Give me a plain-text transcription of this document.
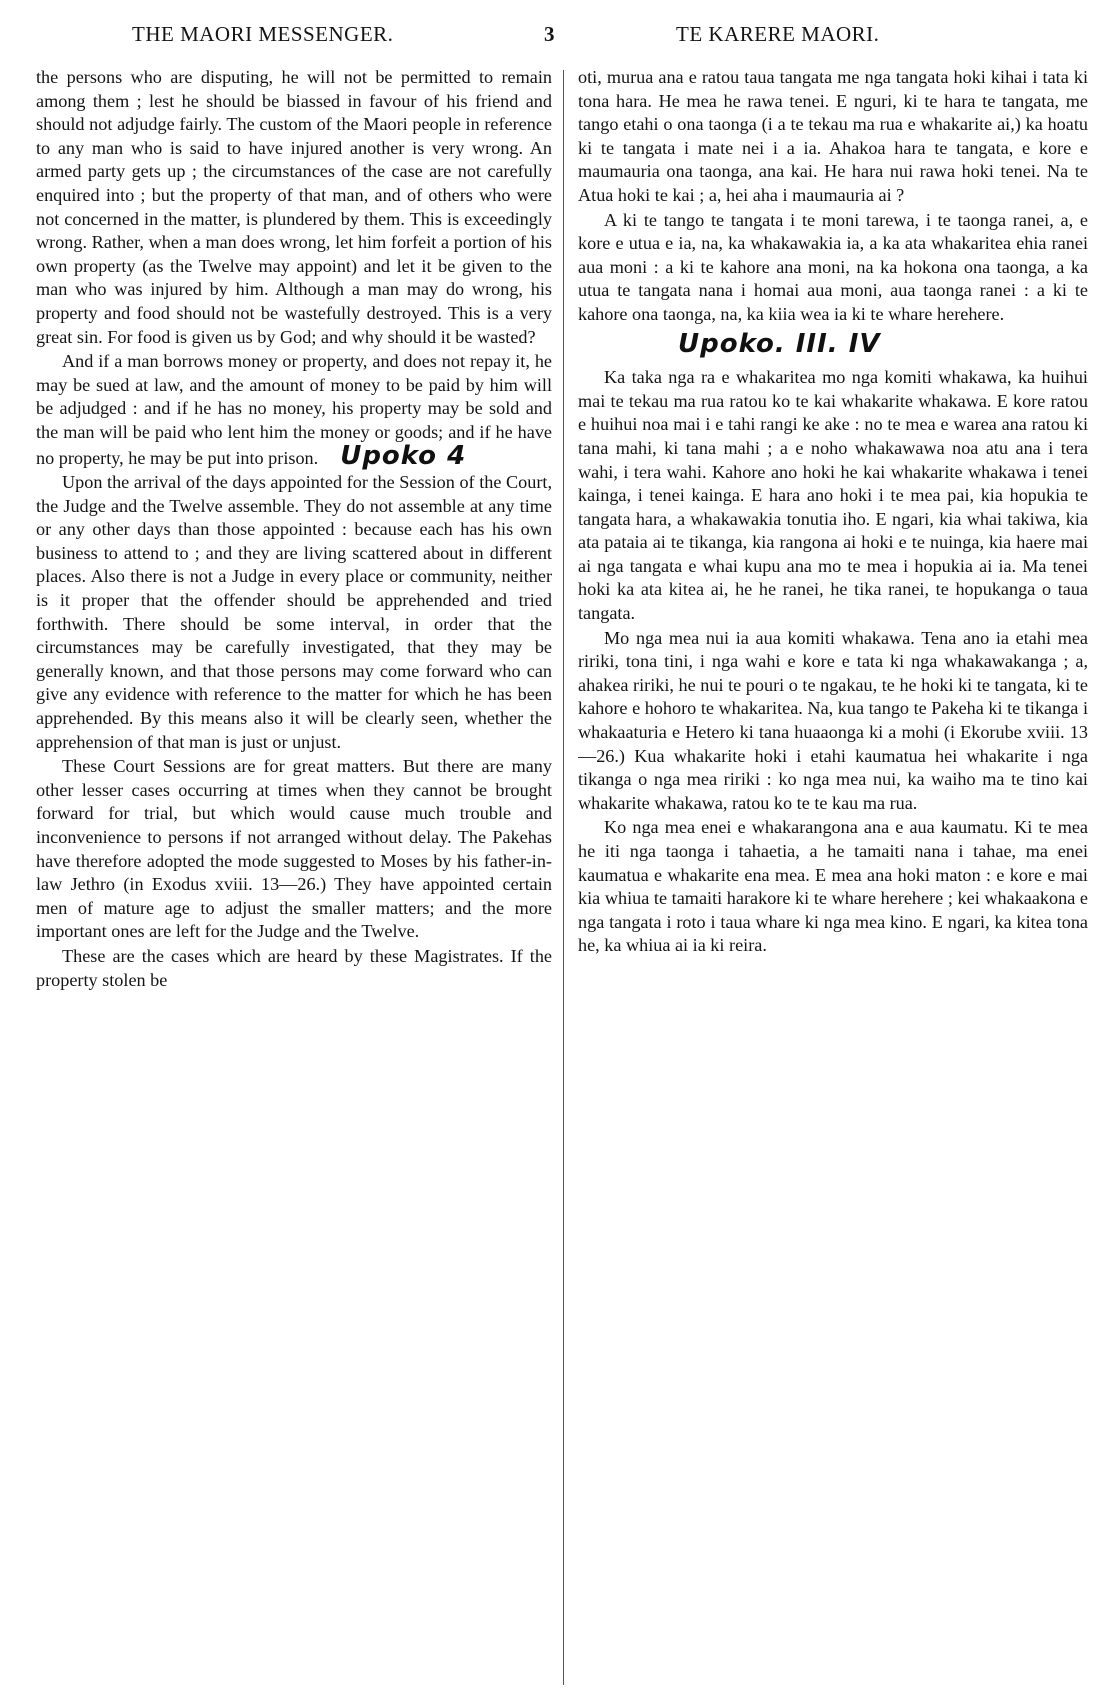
THE MAORI MESSENGER.	3	TE KARERE MAORI.

the persons who are disputing, he will not be permitted to remain among them ; lest he should be biassed in favour of his friend and should not adjudge fairly. The custom of the Maori people in reference to any man who is said to have injured another is very wrong. An armed party gets up ; the circumstances of the case are not carefully enquired into ; but the property of that man, and of others who were not concerned in the matter, is plundered by them. This is exceedingly wrong. Rather, when a man does wrong, let him forfeit a portion of his own property (as the Twelve may appoint) and let it be given to the man who was injured by him. Although a man may do wrong, his property and food should not be wastefully destroyed. This is a very great sin. For food is given us by God; and why should it be wasted?

And if a man borrows money or property, and does not repay it, he may be sued at law, and the amount of money to be paid by him will be adjudged : and if he has no money, his property may be sold and the man will be paid who lent him the money or goods; and if he have no property, he may be put into prison. Upoko 4

Upon the arrival of the days appointed for the Session of the Court, the Judge and the Twelve assemble. They do not assemble at any time or any other days than those appointed : because each has his own business to attend to ; and they are living scattered about in different places. Also there is not a Judge in every place or community, neither is it proper that the offender should be apprehended and tried forthwith. There should be some interval, in order that the circumstances may be carefully investigated, that they may be generally known, and that those persons may come forward who can give any evidence with reference to the matter for which he has been apprehended. By this means also it will be clearly seen, whether the apprehension of that man is just or unjust.

These Court Sessions are for great matters. But there are many other lesser cases occurring at times when they cannot be brought forward for trial, but which would cause much trouble and inconvenience to persons if not arranged without delay. The Pakehas have therefore adopted the mode suggested to Moses by his father-in-law Jethro (in Exodus xviii. 13—26.) They have appointed certain men of mature age to adjust the smaller matters; and the more important ones are left for the Judge and the Twelve.

These are the cases which are heard by these Magistrates. If the property stolen be

oti, murua ana e ratou taua tangata me nga tangata hoki kihai i tata ki tona hara. He mea he rawa tenei. E nguri, ki te hara te tangata, me tango etahi o ona taonga (i a te tekau ma rua e whakarite ai,) ka hoatu ki te tangata i mate nei i a ia. Ahakoa hara te tangata, e kore e maumauria ona taonga, ana kai. He hara nui rawa hoki tenei. Na te Atua hoki te kai ; a, hei aha i maumauria ai ?

A ki te tango te tangata i te moni tarewa, i te taonga ranei, a, e kore e utua e ia, na, ka whakawakia ia, a ka ata whakaritea ehia ranei aua moni : a ki te kahore ana moni, na ka hokona ona taonga, a ka utua te tangata nana i homai aua moni, aua taonga ranei : a ki te kahore ona taonga, na, ka kiia wea ia ki te whare herehere.

Upoko. III. IV

Ka taka nga ra e whakaritea mo nga komiti whakawa, ka huihui mai te tekau ma rua ratou ko te kai whakarite whakawa. E kore ratou e huihui noa mai i e tahi rangi ke ake : no te mea e warea ana ratou ki tana mahi, ki tana mahi ; a e noho whakawawa noa atu ana i tera wahi, i tera wahi. Kahore ano hoki he kai whakarite whakawa i tenei kainga, i tenei kainga. E hara ano hoki i te mea pai, kia hopukia te tangata hara, a whakawakia tonutia iho. E ngari, kia whai takiwa, kia ata pataia ai te tikanga, kia rangona ai hoki e te nuinga, kia haere mai ai nga tangata e whai kupu ana mo te mea i hopukia ai ia. Ma tenei hoki ka ata kitea ai, he he ranei, he tika ranei, te hopukanga o taua tangata.

Mo nga mea nui ia aua komiti whakawa. Tena ano ia etahi mea ririki, tona tini, i nga wahi e kore e tata ki nga whakawakanga ; a, ahakea ririki, he nui te pouri o te ngakau, te he hoki ki te tangata, ki te kahore e hohoro te whakaritea. Na, kua tango te Pakeha ki te tikanga i whakaaturia e Hetero ki tana huaaonga ki a mohi (i Ekorube xviii. 13—26.) Kua whakarite hoki i etahi kaumatua hei whakarite i nga tikanga o nga mea ririki : ko nga mea nui, ka waiho ma te tino kai whakarite whakawa, ratou ko te te kau ma rua.

Ko nga mea enei e whakarangona ana e aua kaumatu. Ki te mea he iti nga taonga i tahaetia, a he tamaiti nana i tahae, ma enei kaumatua e whakarite ena mea. E mea ana hoki maton : e kore e mai kia whiua te tamaiti harakore ki te whare herehere ; kei whakaakona e nga tangata i roto i taua whare ki nga mea kino. E ngari, ka kitea tona he, ka whiua ai ia ki reira.
